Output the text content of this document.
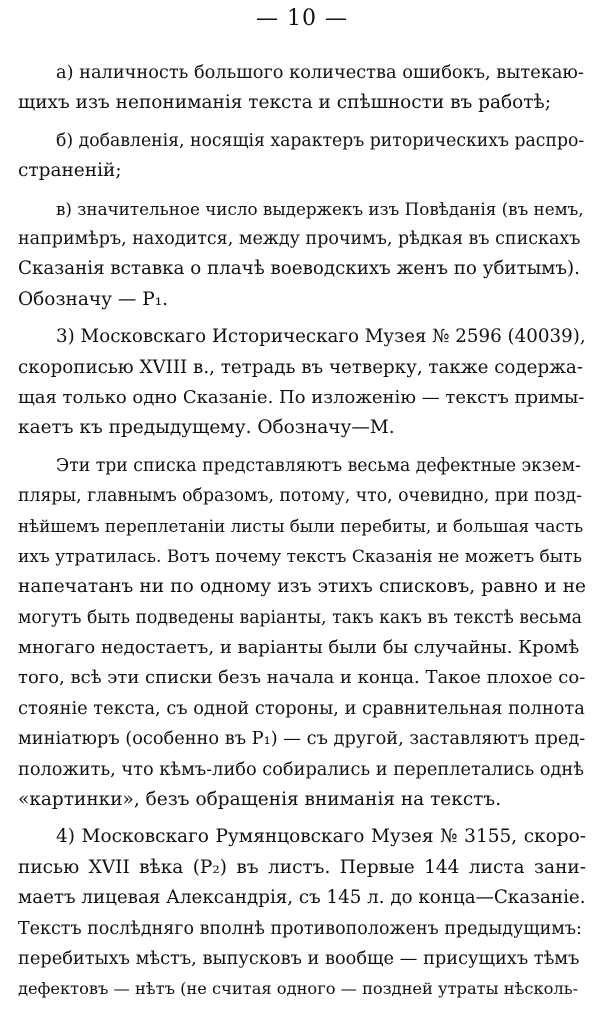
— 10 —
а) наличность большого количества ошибокъ, вытекаю-
щихъ изъ непониманія текста и спѣшности въ работѣ;
б) добавленія, носящія характеръ риторическихъ распро-
страненій;
в) значительное число выдержекъ изъ Повѣданія (въ немъ,
напримѣръ, находится, между прочимъ, рѣдкая въ спискахъ
Сказанія вставка о плачѣ воеводскихъ женъ по убитымъ).
Обозначу — P₁.
3) Московскаго Историческаго Музея № 2596 (40039),
скорописью XVIII в., тетрадь въ четверку, также содержа-
щая только одно Сказаніе. По изложенію — текстъ примы-
каетъ къ предыдущему. Обозначу—М.
Эти три списка представляютъ весьма дефектные экзем-
пляры, главнымъ образомъ, потому, что, очевидно, при позд-
нѣйшемъ переплетаніи листы были перебиты, и большая часть
ихъ утратилась. Вотъ почему текстъ Сказанія не можетъ быть
напечатанъ ни по одному изъ этихъ списковъ, равно и не
могутъ быть подведены варіанты, такъ какъ въ текстѣ весьма
многаго недостаетъ, и варіанты были бы случайны. Кромѣ
того, всѣ эти списки безъ начала и конца. Такое плохое со-
стояніе текста, съ одной стороны, и сравнительная полнота
миніатюръ (особенно въ P₁) — съ другой, заставляютъ пред-
положить, что кѣмъ-либо собирались и переплетались однѣ
«картинки», безъ обращенія вниманія на текстъ.
4) Московскаго Румянцовскаго Музея № 3155, скоро-
писью XVII вѣка (P₂) въ листъ. Первые 144 листа зани-
маетъ лицевая Александрія, съ 145 л. до конца—Сказаніе.
Текстъ послѣдняго вполнѣ противоположенъ предыдущимъ:
перебитыхъ мѣстъ, выпусковъ и вообще — присущихъ тѣмъ
дефектовъ — нѣтъ (не считая одного — поздней утраты нѣсколь-
